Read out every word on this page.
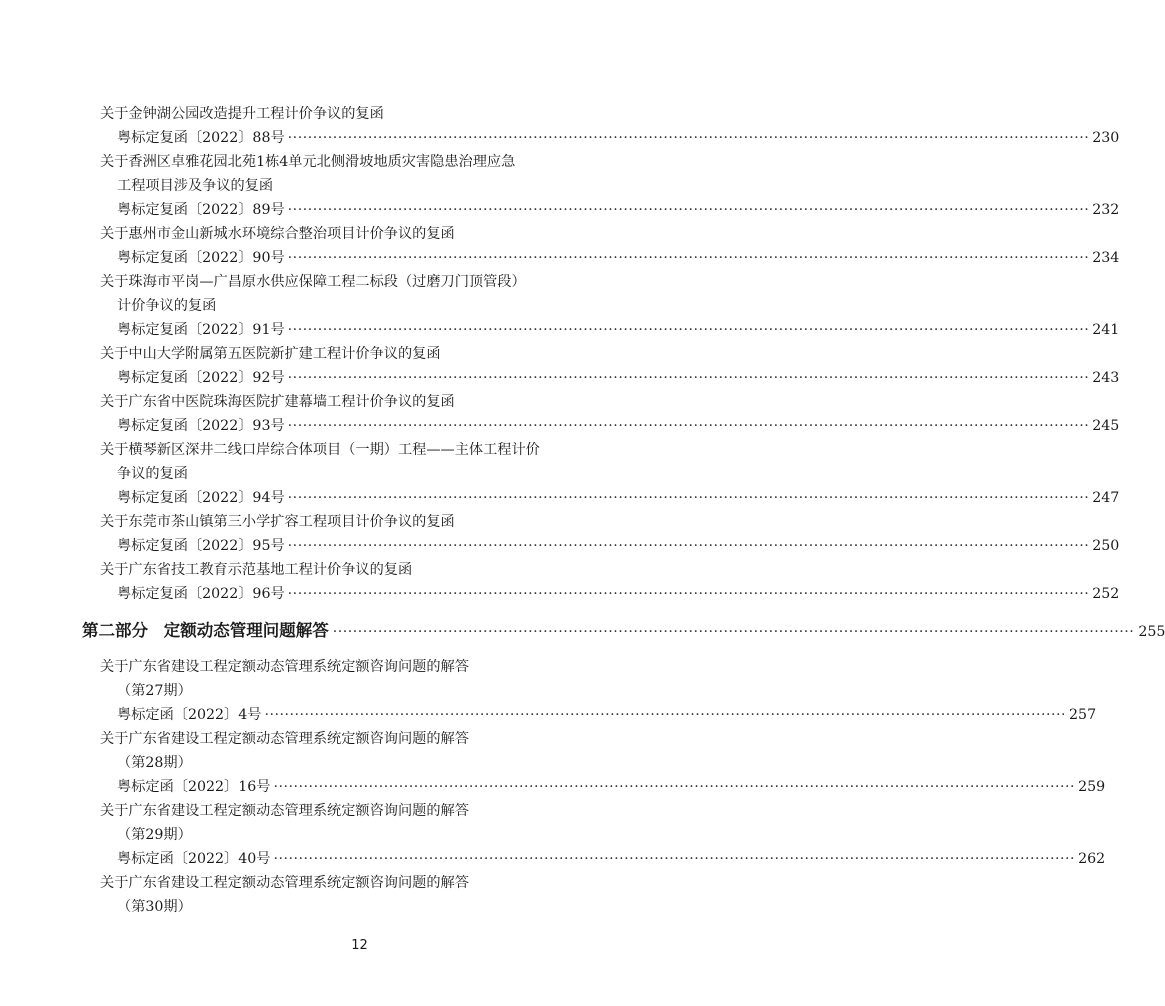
关于金钟湖公园改造提升工程计价争议的复函
粤标定复函〔2022〕88号 ································································································································································ 230
关于香洲区卓雅花园北苑1栋4单元北侧滑坡地质灾害隐患治理应急
工程项目涉及争议的复函
粤标定复函〔2022〕89号 ································································································································································ 232
关于惠州市金山新城水环境综合整治项目计价争议的复函
粤标定复函〔2022〕90号 ································································································································································ 234
关于珠海市平岗—广昌原水供应保障工程二标段（过磨刀门顶管段）
计价争议的复函
粤标定复函〔2022〕91号 ································································································································································ 241
关于中山大学附属第五医院新扩建工程计价争议的复函
粤标定复函〔2022〕92号 ································································································································································ 243
关于广东省中医院珠海医院扩建幕墙工程计价争议的复函
粤标定复函〔2022〕93号 ································································································································································ 245
关于横琴新区深井二线口岸综合体项目（一期）工程——主体工程计价
争议的复函
粤标定复函〔2022〕94号 ································································································································································ 247
关于东莞市茶山镇第三小学扩容工程项目计价争议的复函
粤标定复函〔2022〕95号 ································································································································································ 250
关于广东省技工教育示范基地工程计价争议的复函
粤标定复函〔2022〕96号 ································································································································································ 252
第二部分 定额动态管理问题解答 ································································································································································ 255
关于广东省建设工程定额动态管理系统定额咨询问题的解答
（第27期）
粤标定函〔2022〕4号 ································································································································································ 257
关于广东省建设工程定额动态管理系统定额咨询问题的解答
（第28期）
粤标定函〔2022〕16号 ································································································································································ 259
关于广东省建设工程定额动态管理系统定额咨询问题的解答
（第29期）
粤标定函〔2022〕40号 ································································································································································ 262
关于广东省建设工程定额动态管理系统定额咨询问题的解答
（第30期）
12
